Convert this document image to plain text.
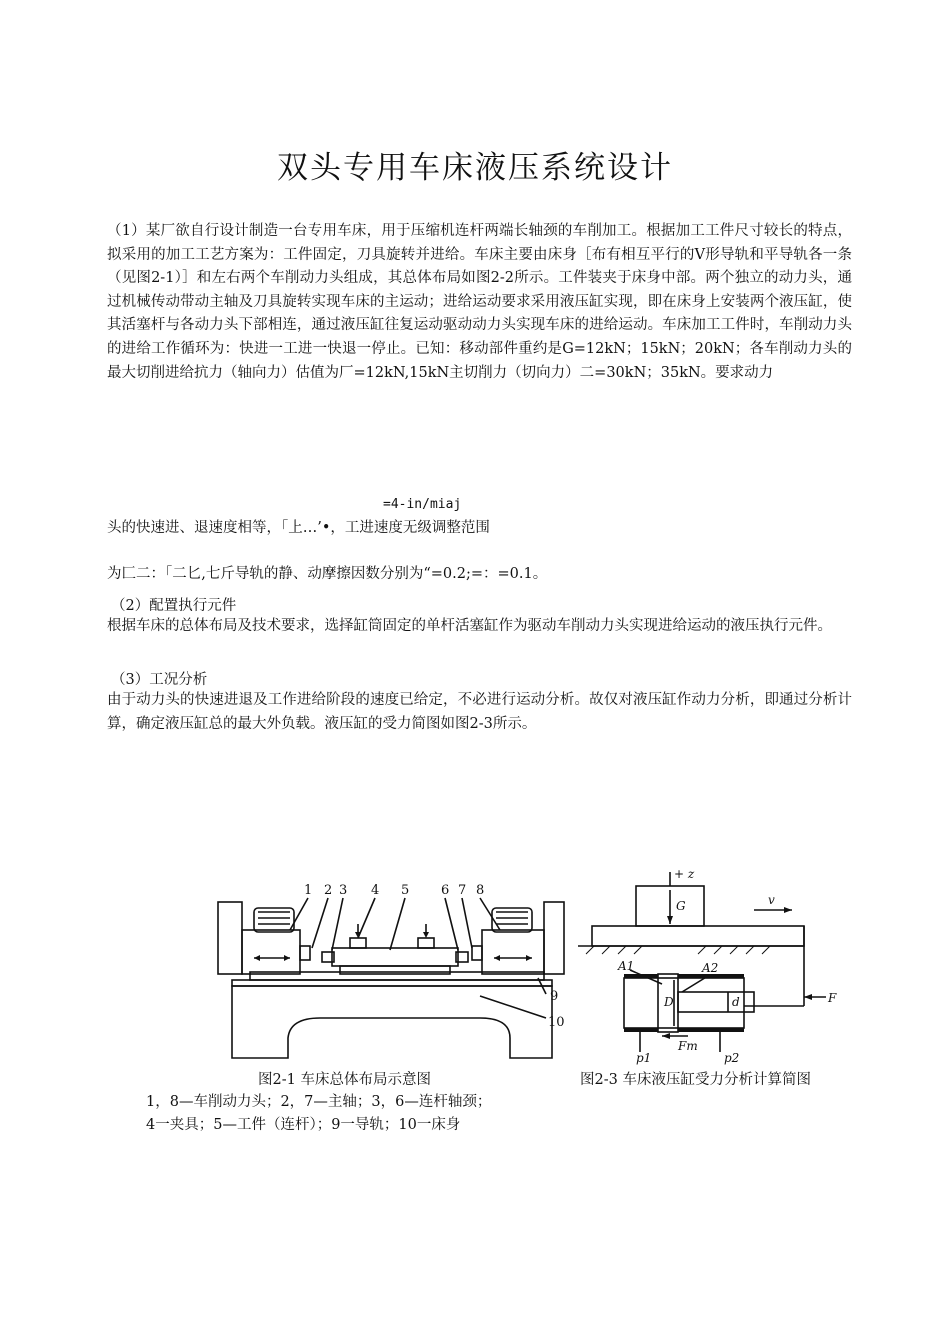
双头专用车床液压系统设计

（1）某厂欲自行设计制造一台专用车床，用于压缩机连杆两端长轴颈的车削加工。根据加工工件尺寸较长的特点，拟采用的加工工艺方案为：工件固定，刀具旋转并进给。车床主要由床身［布有相互平行的V形导轨和平导轨各一条（见图2-1）］和左右两个车削动力头组成，其总体布局如图2-2所示。工件装夹于床身中部。两个独立的动力头，通过机械传动带动主轴及刀具旋转实现车床的主运动；进给运动要求采用液压缸实现，即在床身上安装两个液压缸，使其活塞杆与各动力头下部相连，通过液压缸往复运动驱动动力头实现车床的进给运动。车床加工工件时，车削动力头的进给工作循环为：快进一工进一快退一停止。已知：移动部件重约是G=12kN；15kN；20kN；各车削动力头的最大切削进给抗力（轴向力）估值为厂=12kN,15kN主切削力（切向力）二=30kN；35kN。要求动力

=4-in/miaj
头的快速进、退速度相等，「上…’•，工进速度无级调整范围
为匚二：「二匕,七斤导轨的静、动摩擦因数分别为“=0.2;=：=0.1。
（2）配置执行元件

根据车床的总体布局及技术要求，选择缸筒固定的单杆活塞缸作为驱动车削动力头实现进给运动的液压执行元件。

（3）工况分析

由于动力头的快速进退及工作进给阶段的速度已给定，不必进行运动分析。故仅对液压缸作动力分析，即通过分析计算，确定液压缸总的最大外负载。液压缸的受力简图如图2-3所示。

1 2 3 4 5 6 7 8
9
10
图2-1 车床总体布局示意图
1，8—车削动力头；2，7—主轴；3，6—连杆轴颈；
4一夹具；5—工件（连杆）；9一导轨；10一床身
+ z
G	v
A1	A2
D	d	F
Fm
p1	p2
图2-3 车床液压缸受力分析计算简图
